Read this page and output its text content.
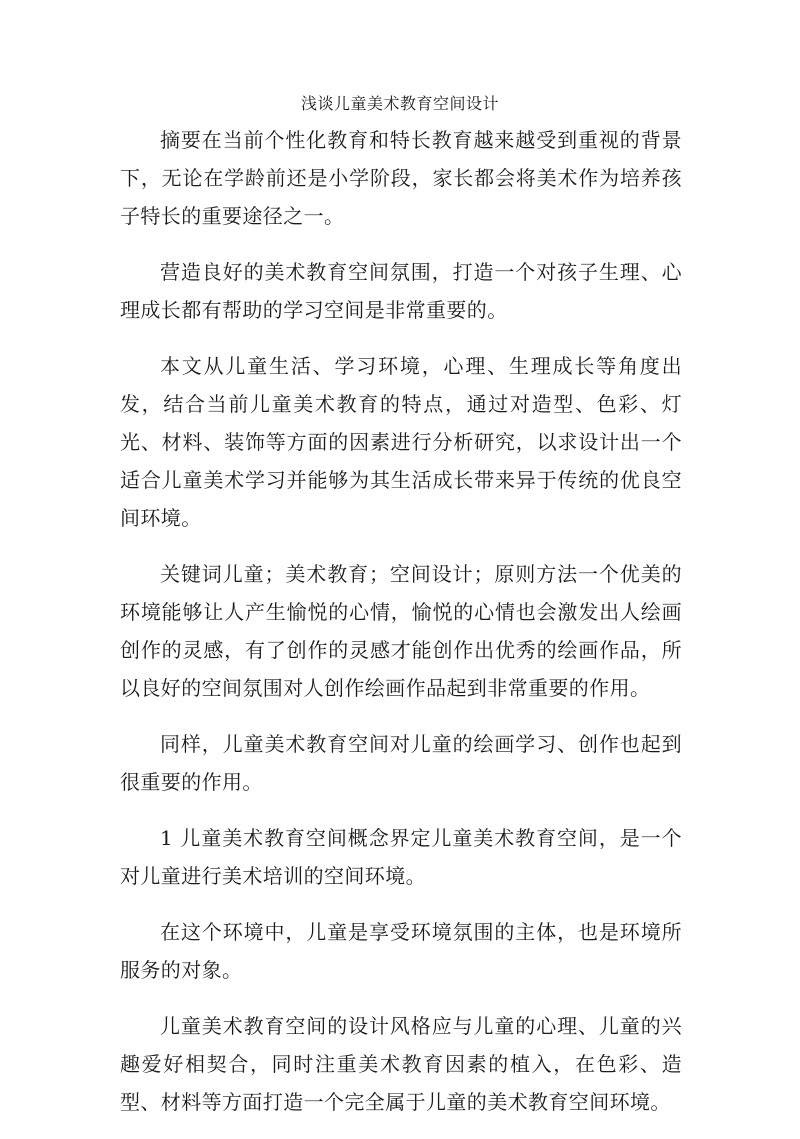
浅谈儿童美术教育空间设计

摘要在当前个性化教育和特长教育越来越受到重视的背景下，无论在学龄前还是小学阶段，家长都会将美术作为培养孩子特长的重要途径之一。

营造良好的美术教育空间氛围，打造一个对孩子生理、心理成长都有帮助的学习空间是非常重要的。

本文从儿童生活、学习环境，心理、生理成长等角度出发，结合当前儿童美术教育的特点，通过对造型、色彩、灯光、材料、装饰等方面的因素进行分析研究，以求设计出一个适合儿童美术学习并能够为其生活成长带来异于传统的优良空间环境。

关键词儿童；美术教育；空间设计；原则方法一个优美的环境能够让人产生愉悦的心情，愉悦的心情也会激发出人绘画创作的灵感，有了创作的灵感才能创作出优秀的绘画作品，所以良好的空间氛围对人创作绘画作品起到非常重要的作用。

同样，儿童美术教育空间对儿童的绘画学习、创作也起到很重要的作用。

1 儿童美术教育空间概念界定儿童美术教育空间，是一个对儿童进行美术培训的空间环境。

在这个环境中，儿童是享受环境氛围的主体，也是环境所服务的对象。

儿童美术教育空间的设计风格应与儿童的心理、儿童的兴趣爱好相契合，同时注重美术教育因素的植入，在色彩、造型、材料等方面打造一个完全属于儿童的美术教育空间环境。
